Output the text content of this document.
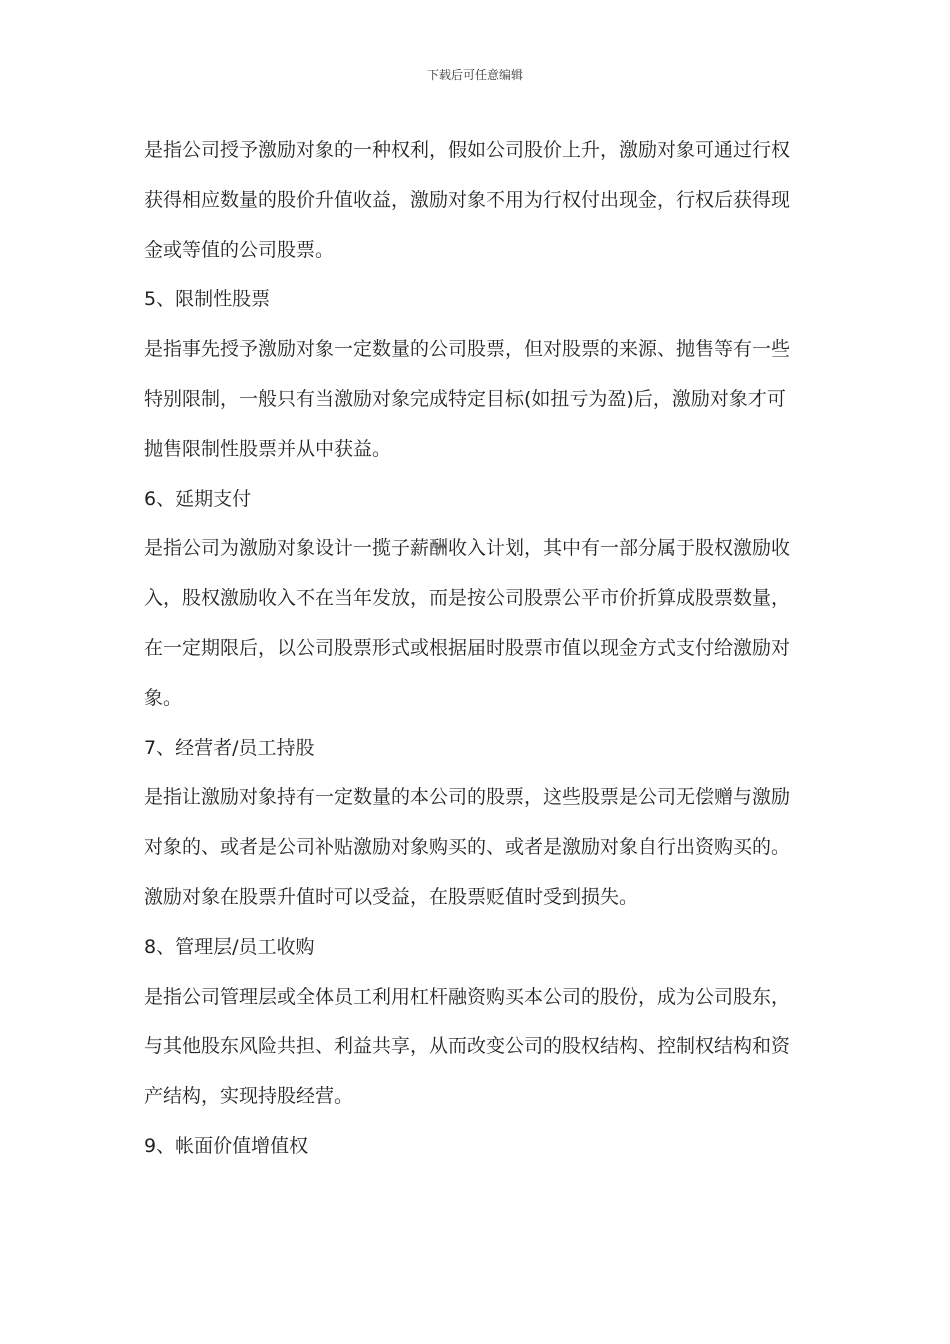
下载后可任意编辑
是指公司授予激励对象的一种权利，假如公司股价上升，激励对象可通过行权
获得相应数量的股价升值收益，激励对象不用为行权付出现金，行权后获得现
金或等值的公司股票。
5、限制性股票
是指事先授予激励对象一定数量的公司股票，但对股票的来源、抛售等有一些
特别限制，一般只有当激励对象完成特定目标(如扭亏为盈)后，激励对象才可
抛售限制性股票并从中获益。
6、延期支付
是指公司为激励对象设计一揽子薪酬收入计划，其中有一部分属于股权激励收
入，股权激励收入不在当年发放，而是按公司股票公平市价折算成股票数量，
在一定期限后，以公司股票形式或根据届时股票市值以现金方式支付给激励对
象。
7、经营者/员工持股
是指让激励对象持有一定数量的本公司的股票，这些股票是公司无偿赠与激励
对象的、或者是公司补贴激励对象购买的、或者是激励对象自行出资购买的。
激励对象在股票升值时可以受益，在股票贬值时受到损失。
8、管理层/员工收购
是指公司管理层或全体员工利用杠杆融资购买本公司的股份，成为公司股东，
与其他股东风险共担、利益共享，从而改变公司的股权结构、控制权结构和资
产结构，实现持股经营。
9、帐面价值增值权
